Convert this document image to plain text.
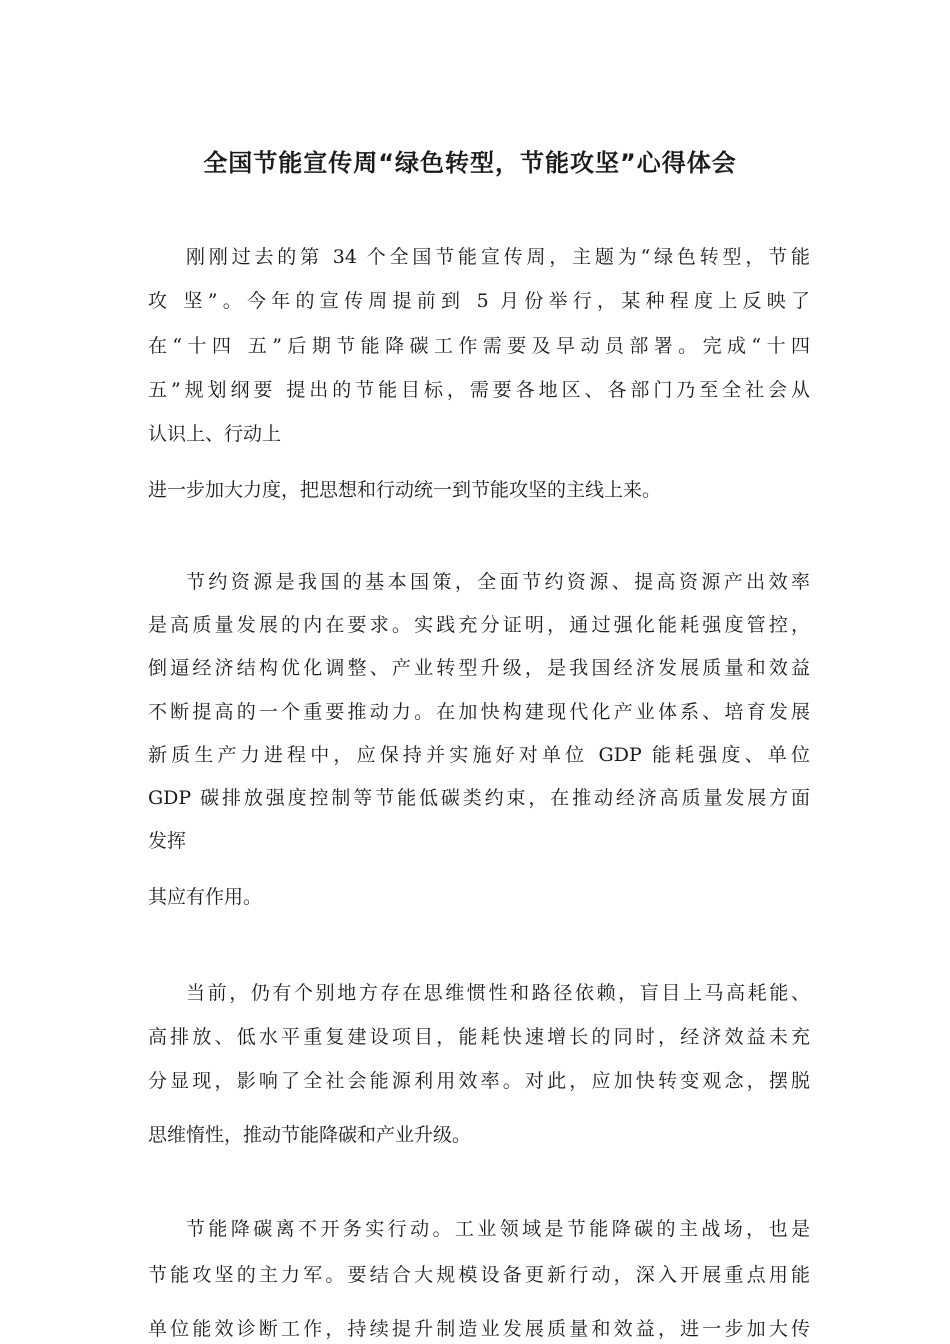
全国节能宣传周“绿色转型，节能攻坚”心得体会

刚刚过去的第 34 个全国节能宣传周，主题为“绿色转型，节能

攻 坚”。今年的宣传周提前到 5 月份举行，某种程度上反映了

在“十四 五”后期节能降碳工作需要及早动员部署。完成“十四

五”规划纲要 提出的节能目标，需要各地区、各部门乃至全社会从

认识上、行动上

进一步加大力度，把思想和行动统一到节能攻坚的主线上来。

节约资源是我国的基本国策，全面节约资源、提高资源产出效率

是高质量发展的内在要求。实践充分证明，通过强化能耗强度管控，

倒逼经济结构优化调整、产业转型升级，是我国经济发展质量和效益

不断提高的一个重要推动力。在加快构建现代化产业体系、培育发展

新质生产力进程中，应保持并实施好对单位 GDP 能耗强度、单位

GDP 碳排放强度控制等节能低碳类约束，在推动经济高质量发展方面

发挥

其应有作用。

当前，仍有个别地方存在思维惯性和路径依赖，盲目上马高耗能、

高排放、低水平重复建设项目，能耗快速增长的同时，经济效益未充

分显现，影响了全社会能源利用效率。对此，应加快转变观念，摆脱

思维惰性，推动节能降碳和产业升级。

节能降碳离不开务实行动。工业领域是节能降碳的主战场，也是

节能攻坚的主力军。要结合大规模设备更新行动，深入开展重点用能

单位能效诊断工作，持续提升制造业发展质量和效益，进一步加大传
